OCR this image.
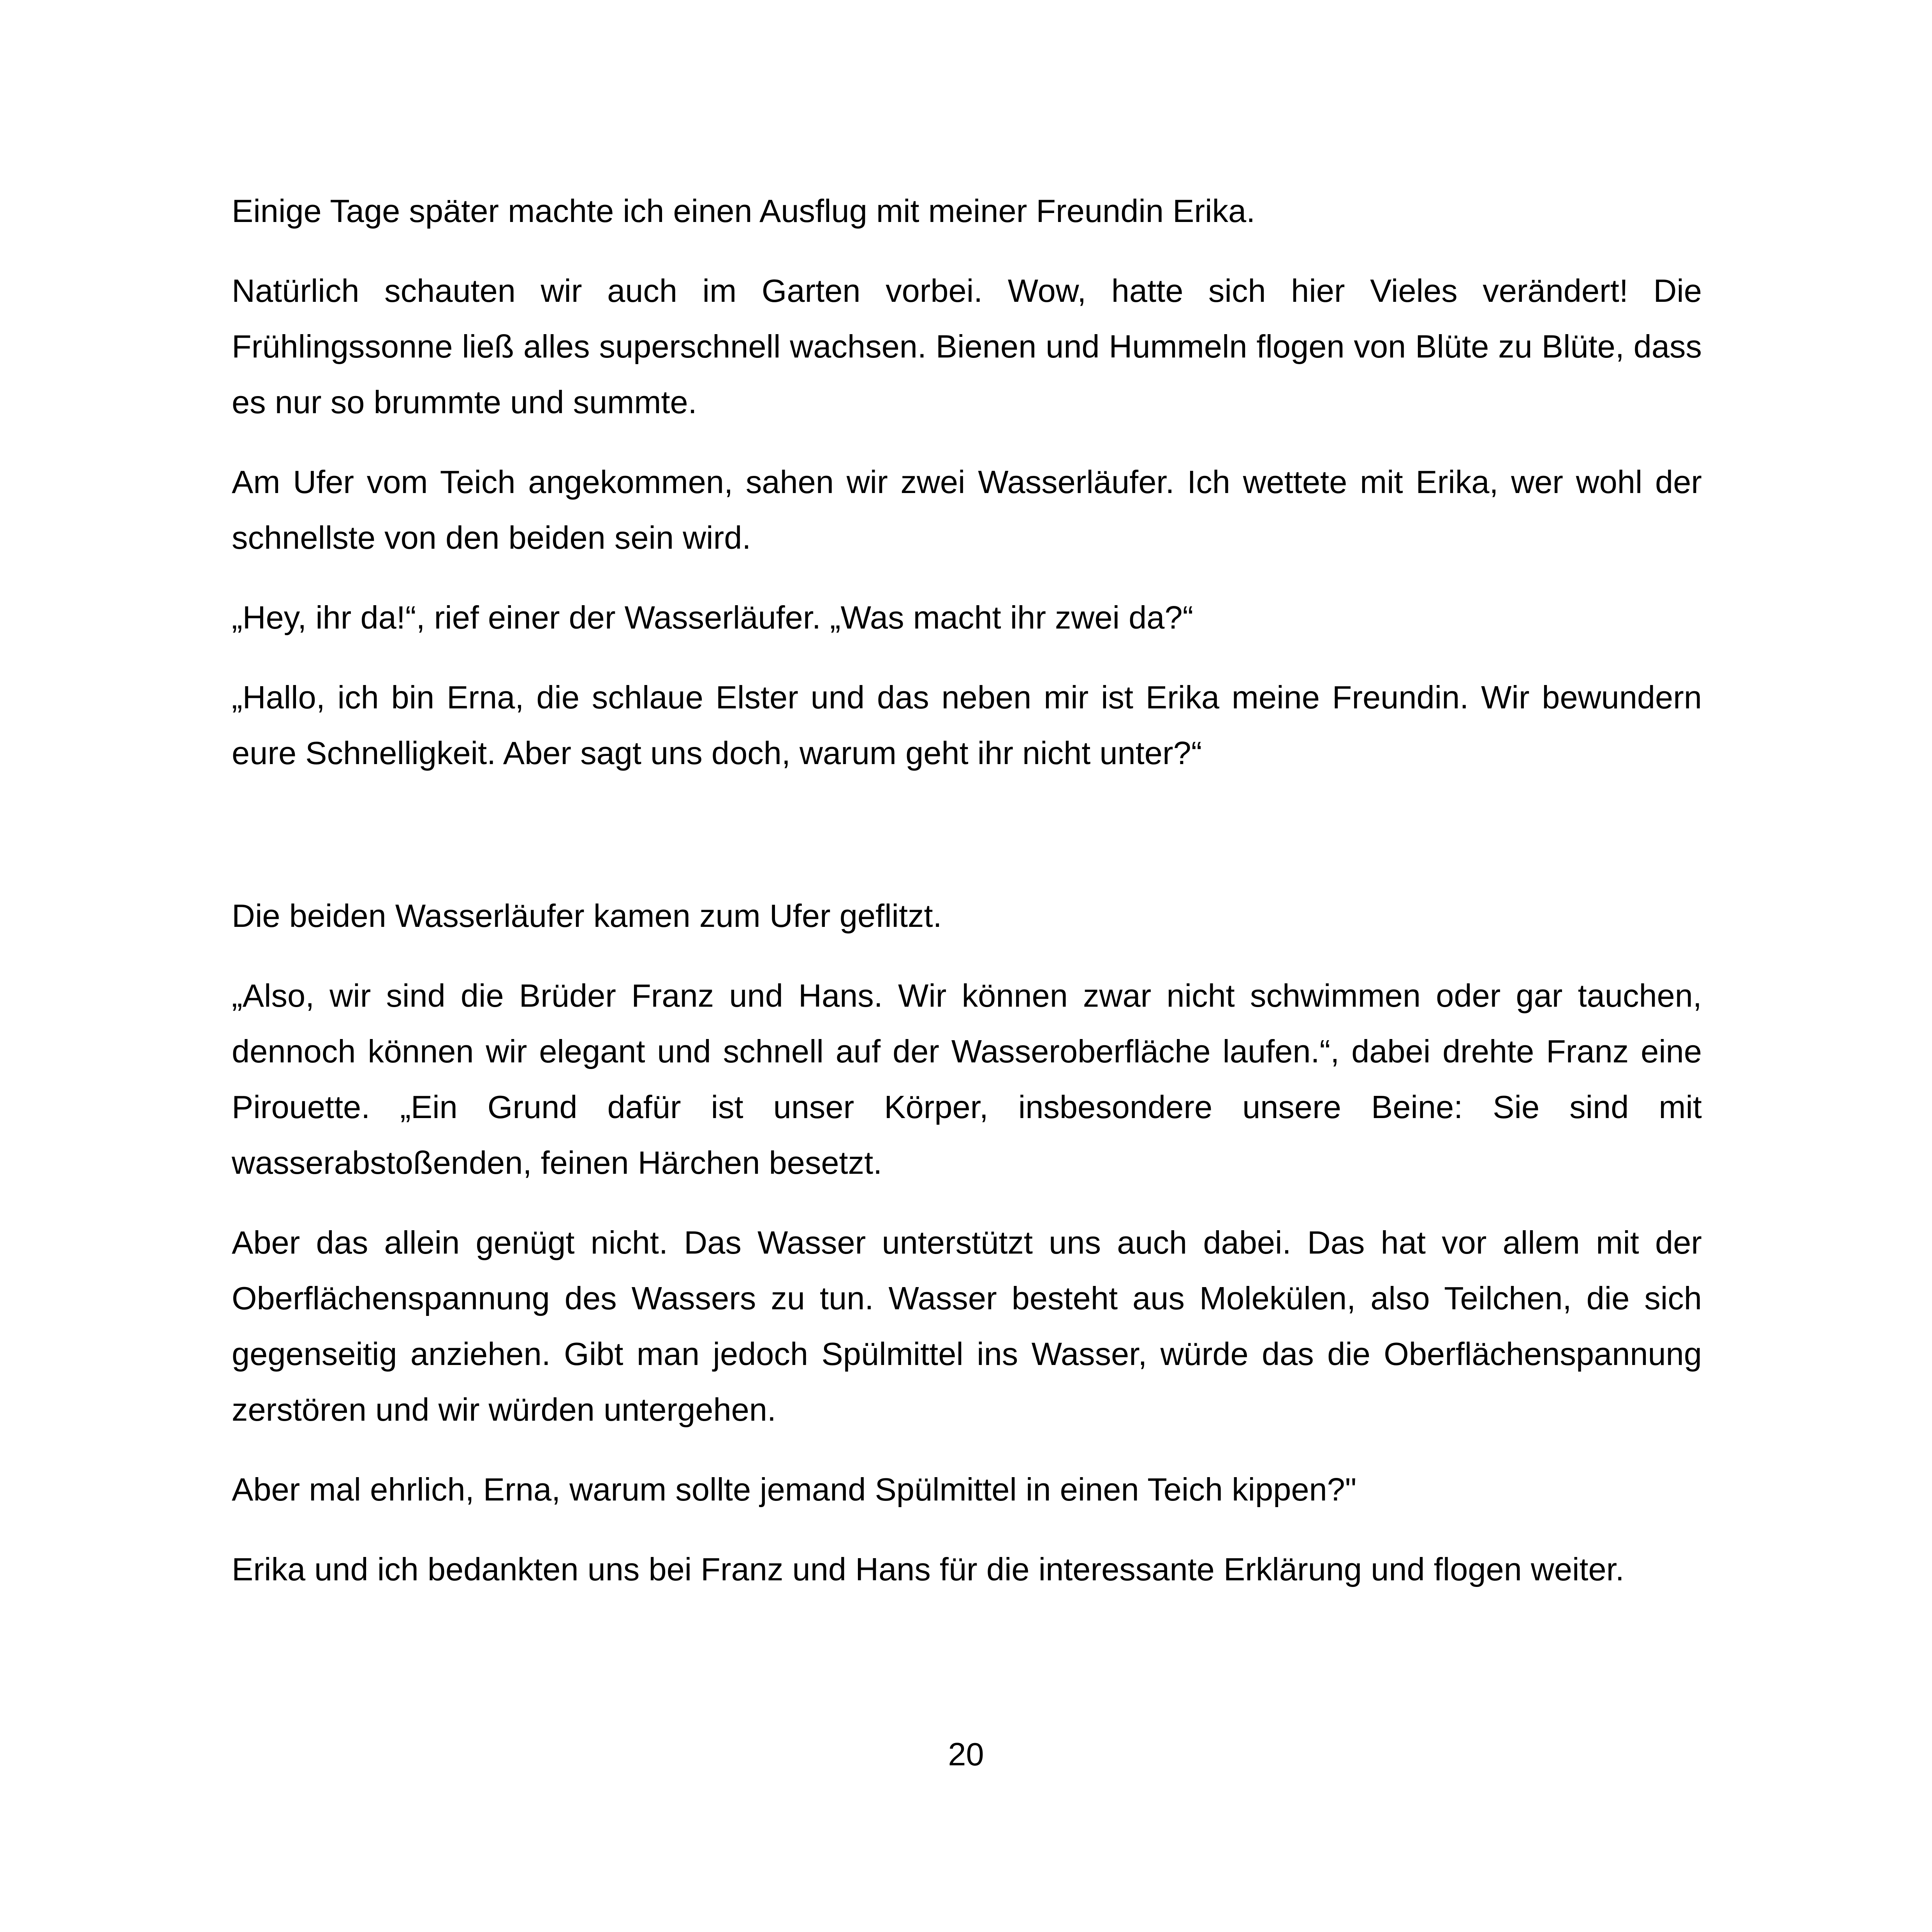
Einige Tage später machte ich einen Ausflug mit meiner Freundin Erika.

Natürlich schauten wir auch im Garten vorbei. Wow, hatte sich hier Vieles verändert! Die Frühlingssonne ließ alles superschnell wachsen. Bienen und Hummeln flogen von Blüte zu Blüte, dass es nur so brummte und summte.

Am Ufer vom Teich angekommen, sahen wir zwei Wasserläufer. Ich wettete mit Erika, wer wohl der schnellste von den beiden sein wird.

„Hey, ihr da!“, rief einer der Wasserläufer. „Was macht ihr zwei da?“

„Hallo, ich bin Erna, die schlaue Elster und das neben mir ist Erika meine Freundin. Wir bewundern eure Schnelligkeit. Aber sagt uns doch, warum geht ihr nicht unter?“

Die beiden Wasserläufer kamen zum Ufer geflitzt.

„Also, wir sind die Brüder Franz und Hans. Wir können zwar nicht schwimmen oder gar tauchen, dennoch können wir elegant und schnell auf der Wasseroberfläche laufen.“, dabei drehte Franz eine Pirouette. „Ein Grund dafür ist unser Körper, insbesondere unsere Beine: Sie sind mit wasserabstoßenden, feinen Härchen besetzt.

Aber das allein genügt nicht. Das Wasser unterstützt uns auch dabei. Das hat vor allem mit der Oberflächenspannung des Wassers zu tun. Wasser besteht aus Molekülen, also Teilchen, die sich gegenseitig anziehen. Gibt man jedoch Spülmittel ins Wasser, würde das die Oberflächenspannung zerstören und wir würden untergehen.

Aber mal ehrlich, Erna, warum sollte jemand Spülmittel in einen Teich kippen?"

Erika und ich bedankten uns bei Franz und Hans für die interessante Erklärung und flogen weiter.

20
